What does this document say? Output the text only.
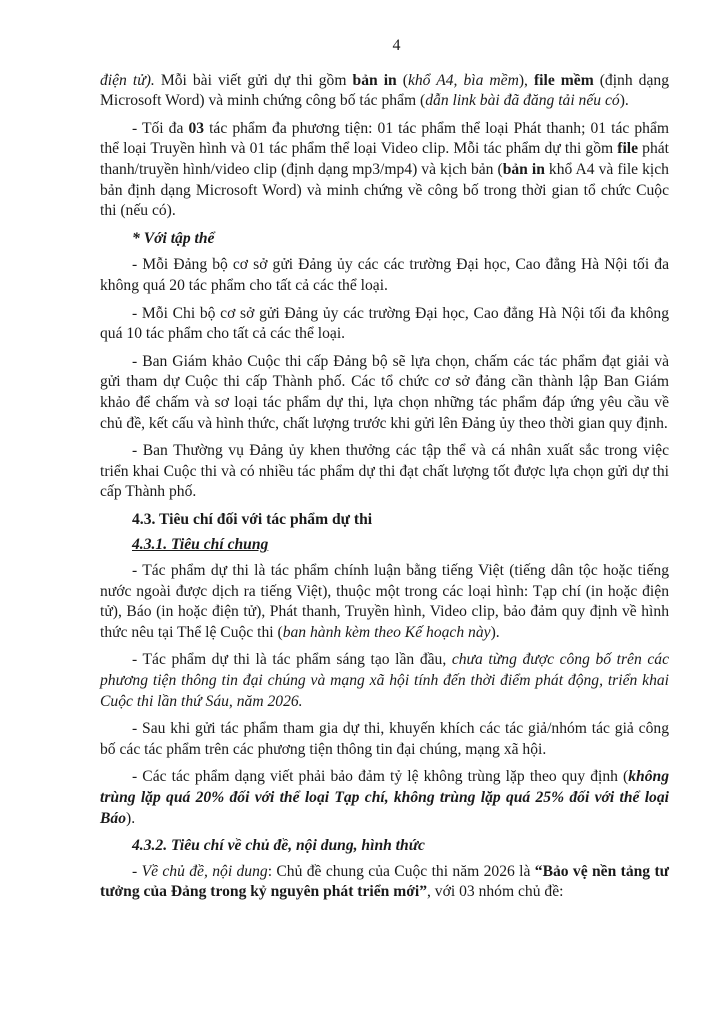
4

điện tử). Mỗi bài viết gửi dự thi gồm bản in (khổ A4, bìa mềm), file mềm (định dạng Microsoft Word) và minh chứng công bố tác phẩm (dẫn link bài đã đăng tải nếu có).

- Tối đa 03 tác phẩm đa phương tiện: 01 tác phẩm thể loại Phát thanh; 01 tác phẩm thể loại Truyền hình và 01 tác phẩm thể loại Video clip. Mỗi tác phẩm dự thi gồm file phát thanh/truyền hình/video clip (định dạng mp3/mp4) và kịch bản (bản in khổ A4 và file kịch bản định dạng Microsoft Word) và minh chứng về công bố trong thời gian tổ chức Cuộc thi (nếu có).

* Với tập thể

- Mỗi Đảng bộ cơ sở gửi Đảng ủy các các trường Đại học, Cao đẳng Hà Nội tối đa không quá 20 tác phẩm cho tất cả các thể loại.

- Mỗi Chi bộ cơ sở gửi Đảng ủy các trường Đại học, Cao đẳng Hà Nội tối đa không quá 10 tác phẩm cho tất cả các thể loại.

- Ban Giám khảo Cuộc thi cấp Đảng bộ sẽ lựa chọn, chấm các tác phẩm đạt giải và gửi tham dự Cuộc thi cấp Thành phố. Các tổ chức cơ sở đảng cần thành lập Ban Giám khảo để chấm và sơ loại tác phẩm dự thi, lựa chọn những tác phẩm đáp ứng yêu cầu về chủ đề, kết cấu và hình thức, chất lượng trước khi gửi lên Đảng ủy theo thời gian quy định.

- Ban Thường vụ Đảng ủy khen thưởng các tập thể và cá nhân xuất sắc trong việc triển khai Cuộc thi và có nhiều tác phẩm dự thi đạt chất lượng tốt được lựa chọn gửi dự thi cấp Thành phố.

4.3. Tiêu chí đối với tác phẩm dự thi

4.3.1. Tiêu chí chung

- Tác phẩm dự thi là tác phẩm chính luận bằng tiếng Việt (tiếng dân tộc hoặc tiếng nước ngoài được dịch ra tiếng Việt), thuộc một trong các loại hình: Tạp chí (in hoặc điện tử), Báo (in hoặc điện tử), Phát thanh, Truyền hình, Video clip, bảo đảm quy định về hình thức nêu tại Thể lệ Cuộc thi (ban hành kèm theo Kế hoạch này).

- Tác phẩm dự thi là tác phẩm sáng tạo lần đầu, chưa từng được công bố trên các phương tiện thông tin đại chúng và mạng xã hội tính đến thời điểm phát động, triển khai Cuộc thi lần thứ Sáu, năm 2026.

- Sau khi gửi tác phẩm tham gia dự thi, khuyến khích các tác giả/nhóm tác giả công bố các tác phẩm trên các phương tiện thông tin đại chúng, mạng xã hội.

- Các tác phẩm dạng viết phải bảo đảm tỷ lệ không trùng lặp theo quy định (không trùng lặp quá 20% đối với thể loại Tạp chí, không trùng lặp quá 25% đối với thể loại Báo).

4.3.2. Tiêu chí về chủ đề, nội dung, hình thức

- Về chủ đề, nội dung: Chủ đề chung của Cuộc thi năm 2026 là “Bảo vệ nền tảng tư tưởng của Đảng trong kỷ nguyên phát triển mới”, với 03 nhóm chủ đề:
